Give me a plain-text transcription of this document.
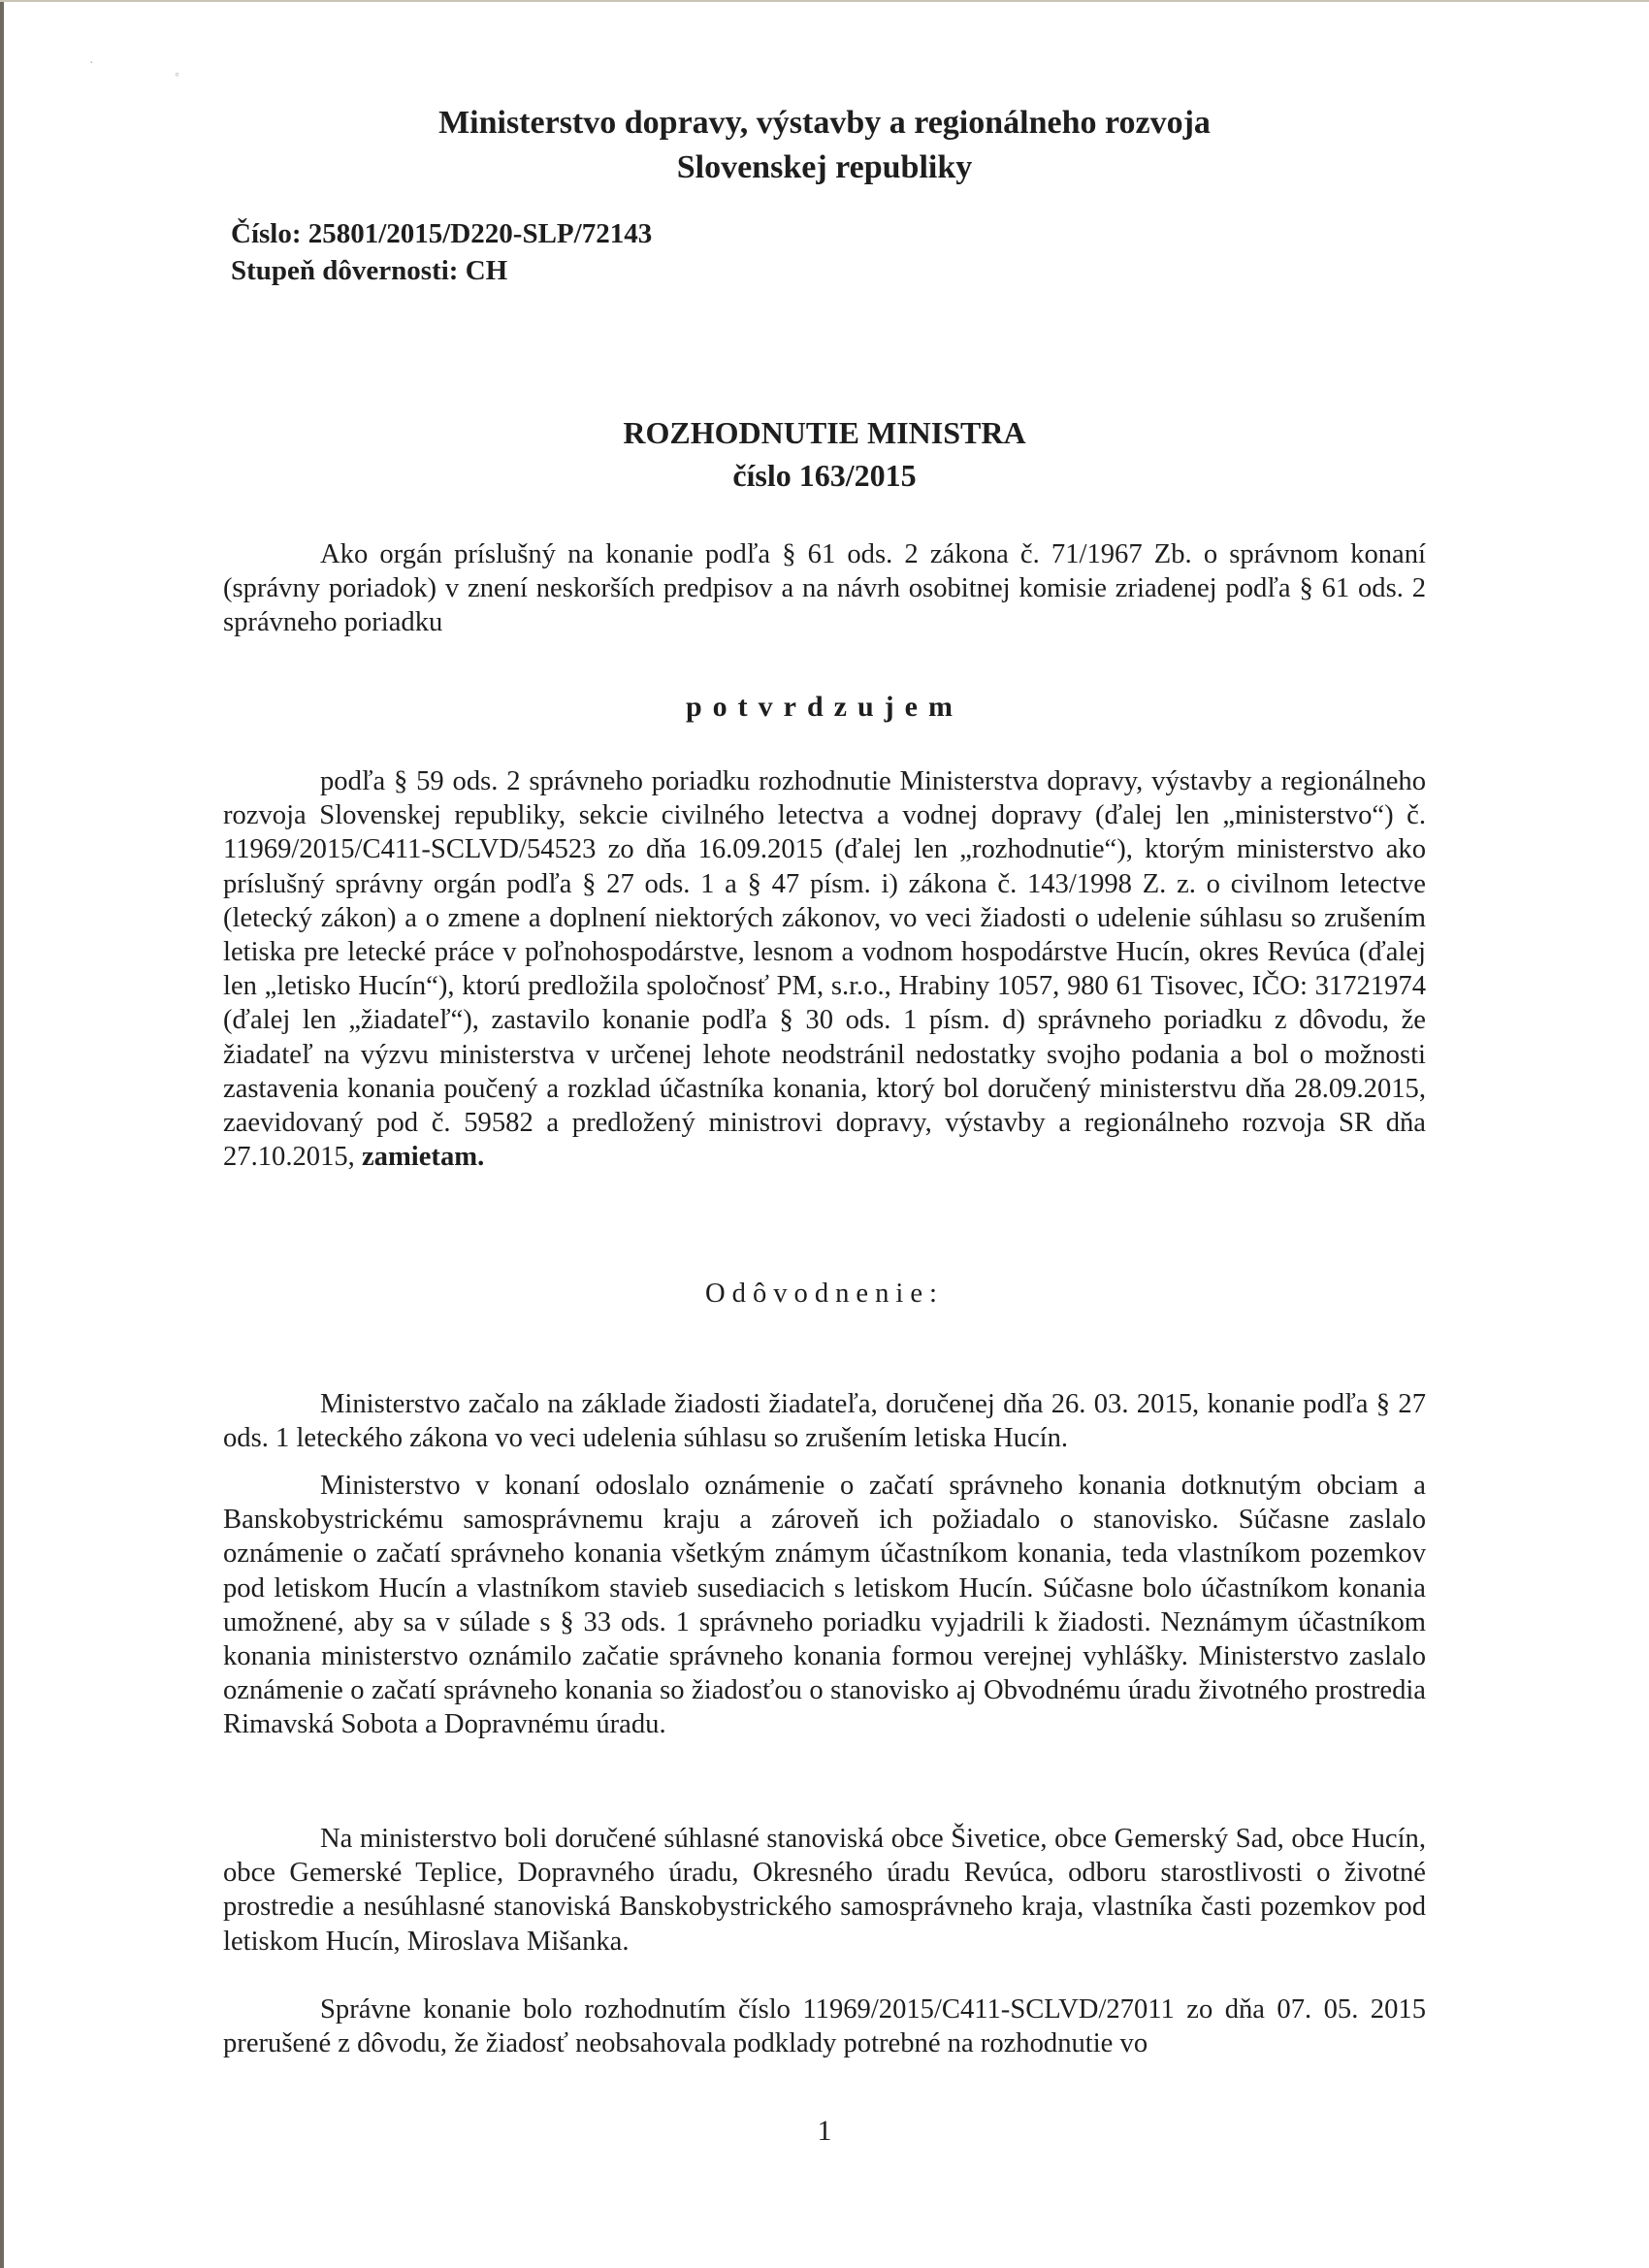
·
◦
Ministerstvo dopravy, výstavby a regionálneho rozvoja
Slovenskej republiky
Číslo: 25801/2015/D220-SLP/72143
Stupeň dôvernosti: CH
ROZHODNUTIE MINISTRA
číslo 163/2015

Ako orgán príslušný na konanie podľa § 61 ods. 2 zákona č. 71/1967 Zb. o správnom konaní (správny poriadok) v znení neskorších predpisov a na návrh osobitnej komisie zriadenej podľa § 61 ods. 2 správneho poriadku

potvrdzujem

podľa § 59 ods. 2 správneho poriadku rozhodnutie Ministerstva dopravy, výstavby a regionálneho rozvoja Slovenskej republiky, sekcie civilného letectva a vodnej dopravy (ďalej len „ministerstvo“) č. 11969/2015/C411-SCLVD/54523 zo dňa 16.09.2015 (ďalej len „rozhodnutie“), ktorým ministerstvo ako príslušný správny orgán podľa § 27 ods. 1 a § 47 písm. i) zákona č. 143/1998 Z. z. o civilnom letectve (letecký zákon) a o zmene a doplnení niektorých zákonov, vo veci žiadosti o udelenie súhlasu so zrušením letiska pre letecké práce v poľnohospodárstve, lesnom a vodnom hospodárstve Hucín, okres Revúca (ďalej len „letisko Hucín“), ktorú predložila spoločnosť PM, s.r.o., Hrabiny 1057, 980 61 Tisovec, IČO: 31721974 (ďalej len „žiadateľ“), zastavilo konanie podľa § 30 ods. 1 písm. d) správneho poriadku z dôvodu, že žiadateľ na výzvu ministerstva v určenej lehote neodstránil nedostatky svojho podania a bol o možnosti zastavenia konania poučený a rozklad účastníka konania, ktorý bol doručený ministerstvu dňa 28.09.2015, zaevidovaný pod č. 59582 a predložený ministrovi dopravy, výstavby a regionálneho rozvoja SR dňa 27.10.2015, zamietam.

Odôvodnenie:

Ministerstvo začalo na základe žiadosti žiadateľa, doručenej dňa 26. 03. 2015, konanie podľa § 27 ods. 1 leteckého zákona vo veci udelenia súhlasu so zrušením letiska Hucín.

Ministerstvo v konaní odoslalo oznámenie o začatí správneho konania dotknutým obciam a Banskobystrickému samosprávnemu kraju a zároveň ich požiadalo o stanovisko. Súčasne zaslalo oznámenie o začatí správneho konania všetkým známym účastníkom konania, teda vlastníkom pozemkov pod letiskom Hucín a vlastníkom stavieb susediacich s letiskom Hucín. Súčasne bolo účastníkom konania umožnené, aby sa v súlade s § 33 ods. 1 správneho poriadku vyjadrili k žiadosti. Neznámym účastníkom konania ministerstvo oznámilo začatie správneho konania formou verejnej vyhlášky. Ministerstvo zaslalo oznámenie o začatí správneho konania so žiadosťou o stanovisko aj Obvodnému úradu životného prostredia Rimavská Sobota a Dopravnému úradu.

Na ministerstvo boli doručené súhlasné stanoviská obce Šivetice, obce Gemerský Sad, obce Hucín, obce Gemerské Teplice, Dopravného úradu, Okresného úradu Revúca, odboru starostlivosti o životné prostredie a nesúhlasné stanoviská Banskobystrického samosprávneho kraja, vlastníka časti pozemkov pod letiskom Hucín, Miroslava Mišanka.

Správne konanie bolo rozhodnutím číslo 11969/2015/C411-SCLVD/27011 zo dňa 07. 05. 2015 prerušené z dôvodu, že žiadosť neobsahovala podklady potrebné na rozhodnutie vo

1
